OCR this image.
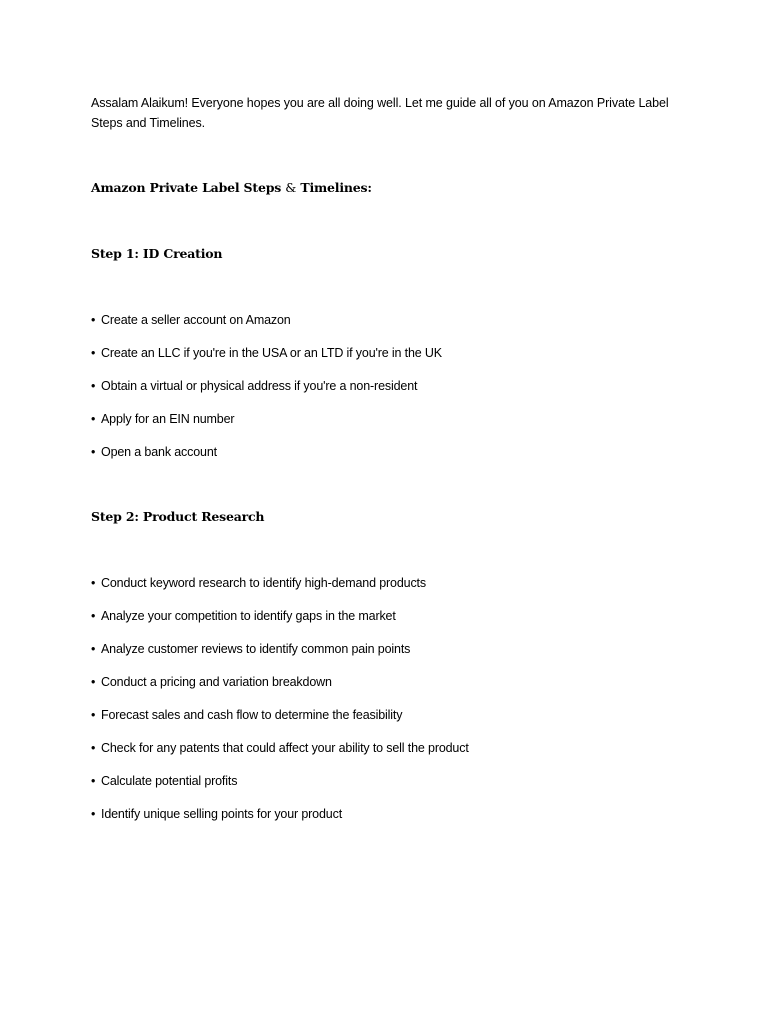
Assalam Alaikum! Everyone hopes you are all doing well. Let me guide all of you on Amazon Private Label Steps and Timelines.

Amazon Private Label Steps & Timelines:
Step 1: ID Creation
• Create a seller account on Amazon
• Create an LLC if you're in the USA or an LTD if you're in the UK
• Obtain a virtual or physical address if you're a non-resident
• Apply for an EIN number
• Open a bank account
Step 2: Product Research
• Conduct keyword research to identify high-demand products
• Analyze your competition to identify gaps in the market
• Analyze customer reviews to identify common pain points
• Conduct a pricing and variation breakdown
• Forecast sales and cash flow to determine the feasibility
• Check for any patents that could affect your ability to sell the product
• Calculate potential profits
• Identify unique selling points for your product
